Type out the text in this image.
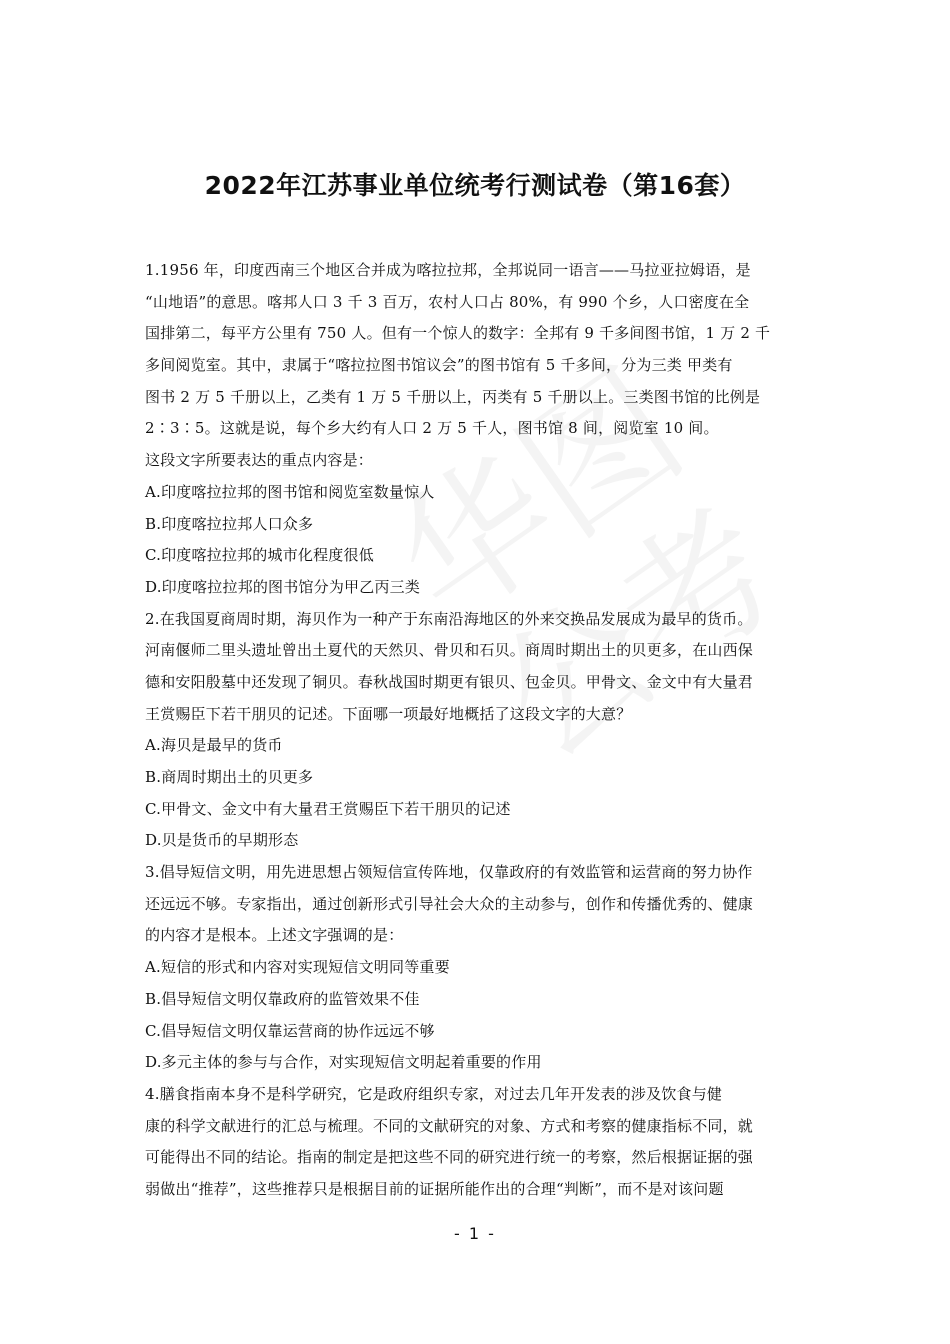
2022年江苏事业单位统考行测试卷（第16套）
1.1956 年，印度西南三个地区合并成为喀拉拉邦，全邦说同一语言——马拉亚拉姆语，是
“山地语”的意思。喀邦人口 3 千 3 百万，农村人口占 80%，有 990 个乡，人口密度在全
国排第二，每平方公里有 750 人。但有一个惊人的数字：全邦有 9 千多间图书馆，1 万 2 千
多间阅览室。其中，隶属于“喀拉拉图书馆议会”的图书馆有 5 千多间，分为三类 甲类有
图书 2 万 5 千册以上，乙类有 1 万 5 千册以上，丙类有 5 千册以上。三类图书馆的比例是
2∶3∶5。这就是说，每个乡大约有人口 2 万 5 千人，图书馆 8 间，阅览室 10 间。
这段文字所要表达的重点内容是：
A.印度喀拉拉邦的图书馆和阅览室数量惊人
B.印度喀拉拉邦人口众多
C.印度喀拉拉邦的城市化程度很低
D.印度喀拉拉邦的图书馆分为甲乙丙三类
2.在我国夏商周时期，海贝作为一种产于东南沿海地区的外来交换品发展成为最早的货币。
河南偃师二里头遗址曾出土夏代的天然贝、骨贝和石贝。商周时期出土的贝更多，在山西保
德和安阳殷墓中还发现了铜贝。春秋战国时期更有银贝、包金贝。甲骨文、金文中有大量君
王赏赐臣下若干朋贝的记述。下面哪一项最好地概括了这段文字的大意？
A.海贝是最早的货币
B.商周时期出土的贝更多
C.甲骨文、金文中有大量君王赏赐臣下若干朋贝的记述
D.贝是货币的早期形态
3.倡导短信文明，用先进思想占领短信宣传阵地，仅靠政府的有效监管和运营商的努力协作
还远远不够。专家指出，通过创新形式引导社会大众的主动参与，创作和传播优秀的、健康
的内容才是根本。上述文字强调的是：
A.短信的形式和内容对实现短信文明同等重要
B.倡导短信文明仅靠政府的监管效果不佳
C.倡导短信文明仅靠运营商的协作远远不够
D.多元主体的参与与合作，对实现短信文明起着重要的作用
4.膳食指南本身不是科学研究，它是政府组织专家，对过去几年开发表的涉及饮食与健
康的科学文献进行的汇总与梳理。不同的文献研究的对象、方式和考察的健康指标不同，就
可能得出不同的结论。指南的制定是把这些不同的研究进行统一的考察，然后根据证据的强
弱做出“推荐”，这些推荐只是根据目前的证据所能作出的合理“判断”，而不是对该问题
- 1 -
